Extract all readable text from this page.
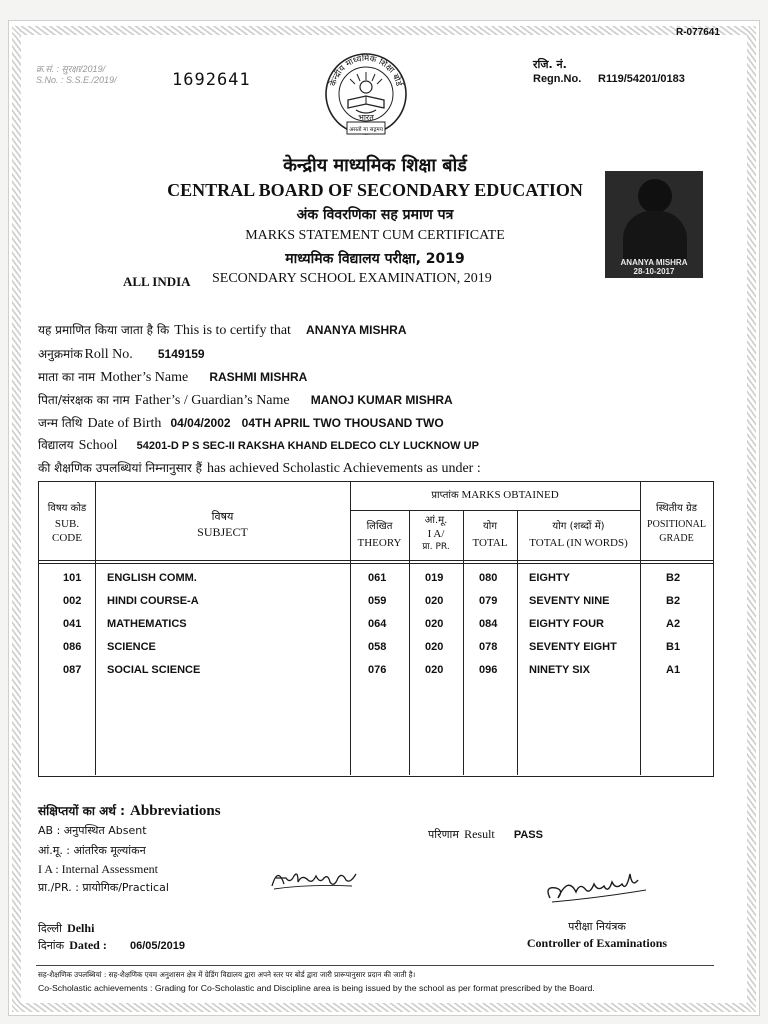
R-077641
क्र.सं. : सुरक्षा/2019/
S.No. : S.S.E./2019/	1692641	केन्द्रीय माध्यमिक शिक्षा बोर्ड
भारत
असतो मा सद्गमय
रजि. नं.
Regn.No. R119/54201/0183
केन्द्रीय माध्यमिक शिक्षा बोर्ड
CENTRAL BOARD OF SECONDARY EDUCATION
अंक विवरणिका सह प्रमाण पत्र
MARKS STATEMENT CUM CERTIFICATE
माध्यमिक विद्यालय परीक्षा, 2019
ALL INDIA SECONDARY SCHOOL EXAMINATION, 2019
ANANYA MISHRA
28-10-2017
यह प्रमाणित किया जाता है कि This is to certify that ANANYA MISHRA
अनुक्रमांक Roll No. 5149159
माता का नाम Mother’s Name RASHMI MISHRA
पिता/संरक्षक का नाम Father’s / Guardian’s Name MANOJ KUMAR MISHRA
जन्म तिथि Date of Birth 04/04/2002 04TH APRIL TWO THOUSAND TWO
विद्यालय School 54201-D P S SEC-II RAKSHA KHAND ELDECO CLY LUCKNOW UP
की शैक्षणिक उपलब्धियां निम्नानुसार हैं has achieved Scholastic Achievements as under :
विषय कोड
SUB.
CODE
विषय
SUBJECT
प्राप्तांक MARKS OBTAINED
लिखित
THEORY
आं.मू.
I A/
प्रा. PR.
योग
TOTAL
योग (शब्दों में)
TOTAL (IN WORDS)
स्थितीय ग्रेड
POSITIONAL
GRADE
101 ENGLISH COMM.	061	019	080	EIGHTY	B2
002 HINDI COURSE-A	059	020	079	SEVENTY NINE	B2
041 MATHEMATICS	064	020	084	EIGHTY FOUR	A2
086 SCIENCE	058	020	078	SEVENTY EIGHT	B1
087 SOCIAL SCIENCE	076	020	096	NINETY SIX	A1
संक्षिप्तयों का अर्थ : Abbreviations
AB : अनुपस्थित Absent
आं.मू. : आंतरिक मूल्यांकन
I A : Internal Assessment
प्रा./PR. : प्रायोगिक/Practical
परिणाम Result PASS
Ananya
दिल्ली Delhi
दिनांक Dated : 06/05/2019
परीक्षा नियंत्रक
Controller of Examinations
सह-शैक्षणिक उपलब्धियां : सह-शैक्षणिक एवम अनुशासन क्षेत्र में ग्रेडिंग विद्यालय द्वारा अपने स्तर पर बोर्ड द्वारा जारी प्रारूपानुसार प्रदान की जाती है।
Co-Scholastic achievements : Grading for Co-Scholastic and Discipline area is being issued by the school as per format prescribed by the Board.
